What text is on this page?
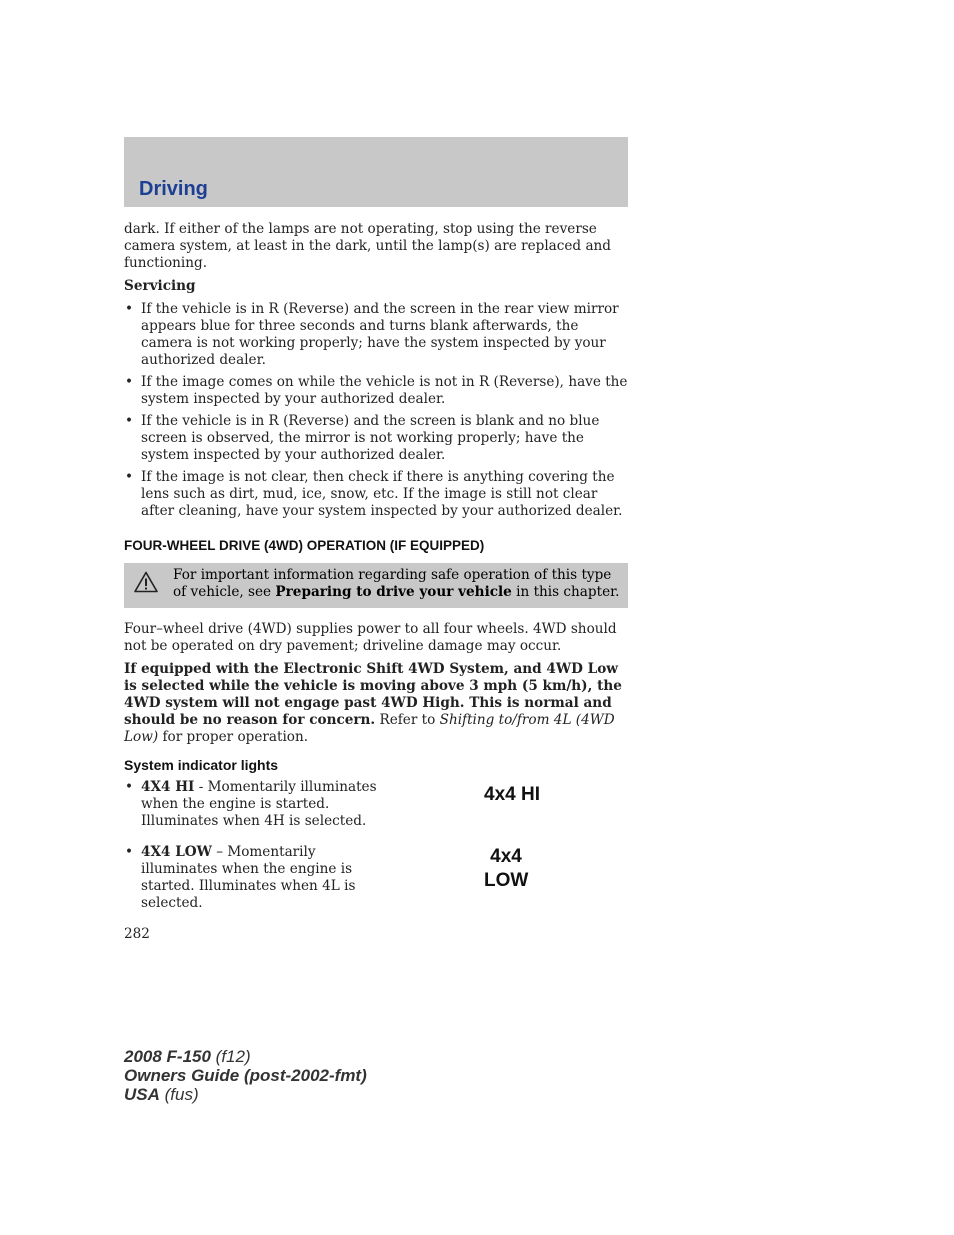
Driving

dark. If either of the lamps are not operating, stop using the reverse camera system, at least in the dark, until the lamp(s) are replaced and functioning.

Servicing

• If the vehicle is in R (Reverse) and the screen in the rear view mirror appears blue for three seconds and turns blank afterwards, the camera is not working properly; have the system inspected by your authorized dealer.
• If the image comes on while the vehicle is not in R (Reverse), have the system inspected by your authorized dealer.
• If the vehicle is in R (Reverse) and the screen is blank and no blue screen is observed, the mirror is not working properly; have the system inspected by your authorized dealer.
• If the image is not clear, then check if there is anything covering the lens such as dirt, mud, ice, snow, etc. If the image is still not clear after cleaning, have your system inspected by your authorized dealer.

FOUR-WHEEL DRIVE (4WD) OPERATION (IF EQUIPPED)

For important information regarding safe operation of this type of vehicle, see Preparing to drive your vehicle in this chapter.

Four–wheel drive (4WD) supplies power to all four wheels. 4WD should not be operated on dry pavement; driveline damage may occur.

If equipped with the Electronic Shift 4WD System, and 4WD Low is selected while the vehicle is moving above 3 mph (5 km/h), the 4WD system will not engage past 4WD High. This is normal and should be no reason for concern. Refer to Shifting to/from 4L (4WD Low) for proper operation.

System indicator lights

• 4X4 HI - Momentarily illuminates when the engine is started. Illuminates when 4H is selected.
• 4X4 LOW – Momentarily illuminates when the engine is started. Illuminates when 4L is selected.
4x4 HI
4x4
LOW
282
2008 F-150 (f12)
Owners Guide (post-2002-fmt)
USA (fus)
